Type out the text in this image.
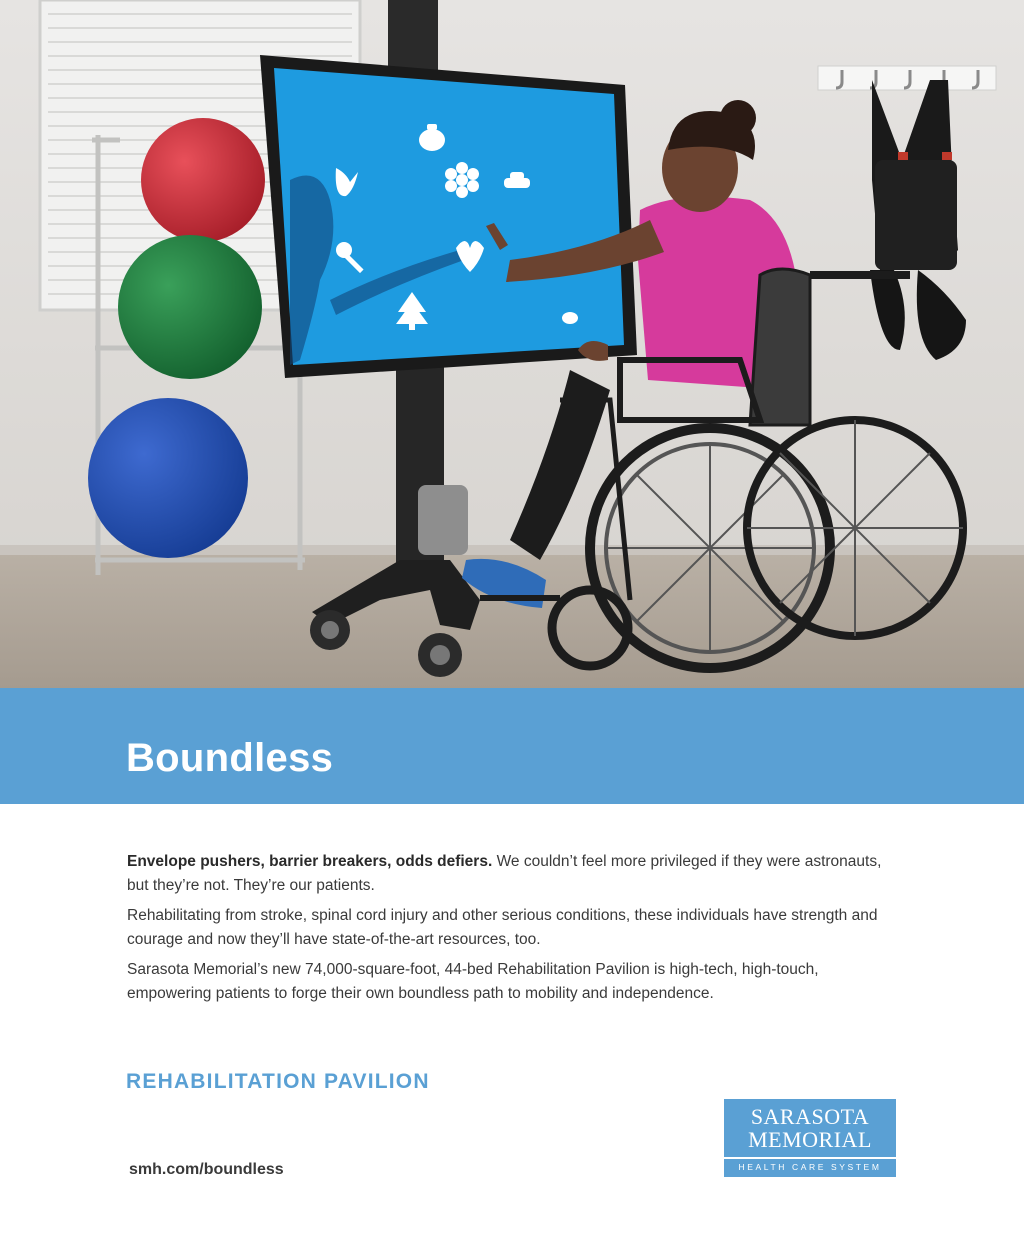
Boundless

Envelope pushers, barrier breakers, odds defiers. We couldn’t feel more privileged if they were astronauts, but they’re not. They’re our patients.

Rehabilitating from stroke, spinal cord injury and other serious conditions, these individuals have strength and courage and now they’ll have state-of-the-art resources, too.

Sarasota Memorial’s new 74,000-square-foot, 44-bed Rehabilitation Pavilion is high-tech, high-touch, empowering patients to forge their own boundless path to mobility and independence.

REHABILITATION PAVILION
smh.com/boundless
SARASOTA
MEMORIAL
HEALTH CARE SYSTEM
